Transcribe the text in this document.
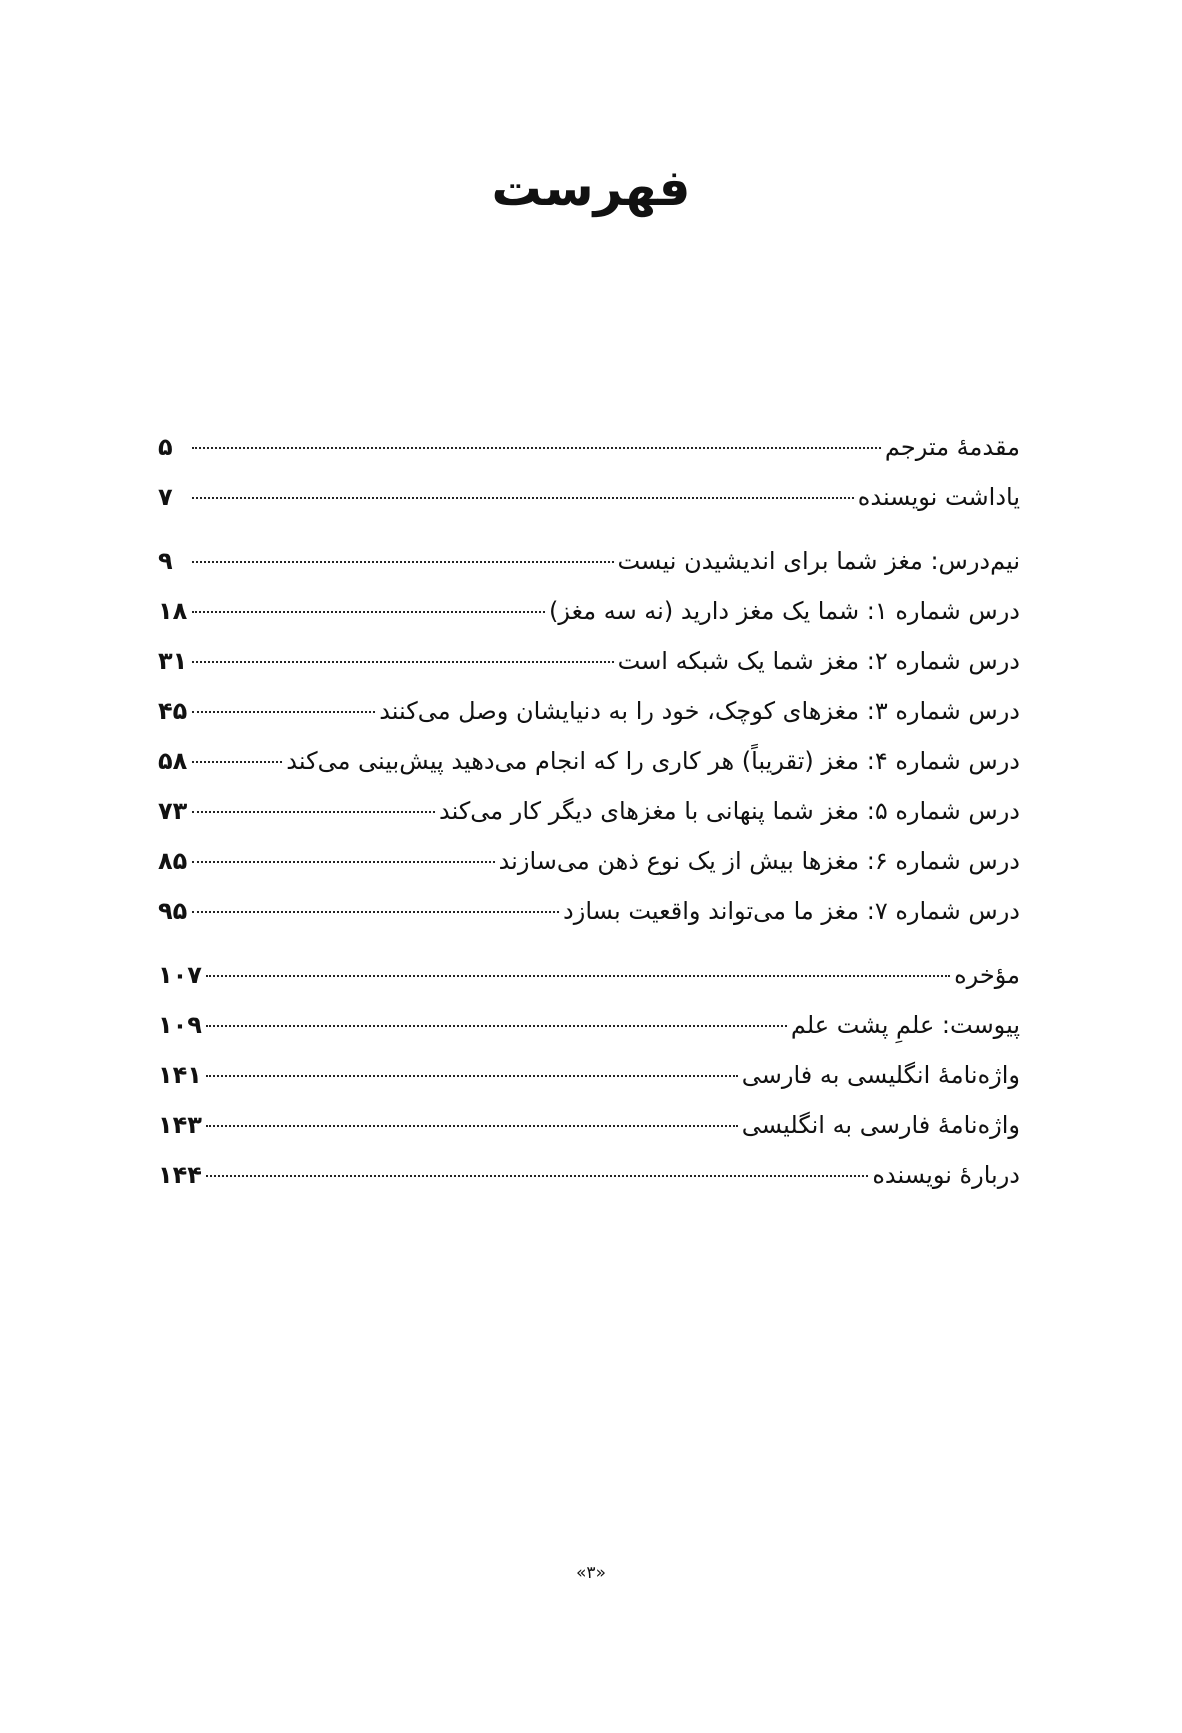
فهرست
مقدمهٔ مترجم
۵
یاداشت نویسنده
۷
نیم‌درس: مغز شما برای اندیشیدن نیست
۹
درس شماره ۱: شما یک مغز دارید (نه سه مغز)
۱۸
درس شماره ۲: مغز شما یک شبکه است
۳۱
درس شماره ۳: مغزهای کوچک، خود را به دنیایشان وصل می‌کنند
۴۵
درس شماره ۴: مغز (تقریباً) هر کاری را که انجام می‌دهید پیش‌بینی می‌کند
۵۸
درس شماره ۵: مغز شما پنهانی با مغزهای دیگر کار می‌کند
۷۳
درس شماره ۶: مغزها بیش از یک نوع ذهن می‌سازند
۸۵
درس شماره ۷: مغز ما می‌تواند واقعیت بسازد
۹۵
مؤخره
۱۰۷
پیوست: علمِ پشت علم
۱۰۹
واژه‌نامهٔ انگلیسی به فارسی
۱۴۱
واژه‌نامهٔ فارسی به انگلیسی
۱۴۳
دربارهٔ نویسنده
۱۴۴
«۳»
